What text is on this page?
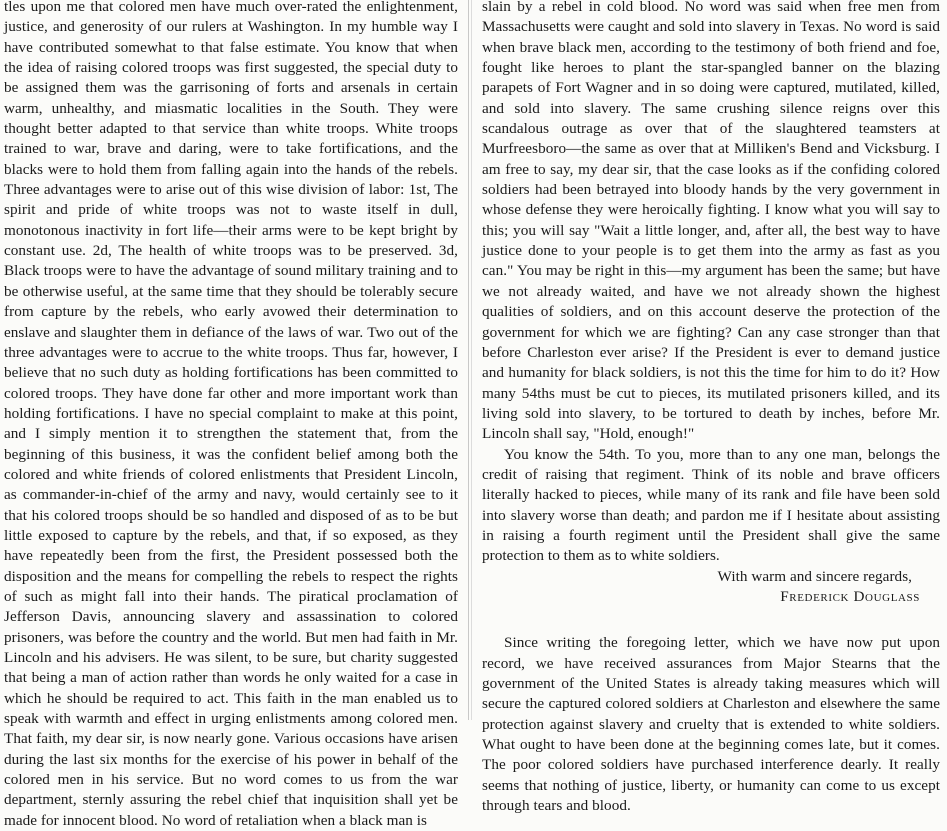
tles upon me that colored men have much over-rated the enlightenment, justice, and generosity of our rulers at Washington. In my humble way I have contributed somewhat to that false estimate. You know that when the idea of raising colored troops was first suggested, the special duty to be assigned them was the garrisoning of forts and arsenals in certain warm, unhealthy, and miasmatic localities in the South. They were thought better adapted to that service than white troops. White troops trained to war, brave and daring, were to take fortifications, and the blacks were to hold them from falling again into the hands of the rebels. Three advantages were to arise out of this wise division of labor: 1st, The spirit and pride of white troops was not to waste itself in dull, monotonous inactivity in fort life—their arms were to be kept bright by constant use. 2d, The health of white troops was to be preserved. 3d, Black troops were to have the advantage of sound military training and to be otherwise useful, at the same time that they should be tolerably secure from capture by the rebels, who early avowed their determination to enslave and slaughter them in defiance of the laws of war. Two out of the three advantages were to accrue to the white troops. Thus far, however, I believe that no such duty as holding fortifications has been committed to colored troops. They have done far other and more important work than holding fortifications. I have no special complaint to make at this point, and I simply mention it to strengthen the statement that, from the beginning of this business, it was the confident belief among both the colored and white friends of colored enlistments that President Lincoln, as commander-in-chief of the army and navy, would certainly see to it that his colored troops should be so handled and disposed of as to be but little exposed to capture by the rebels, and that, if so exposed, as they have repeatedly been from the first, the President possessed both the disposition and the means for compelling the rebels to respect the rights of such as might fall into their hands. The piratical proclamation of Jefferson Davis, announcing slavery and assassination to colored prisoners, was before the country and the world. But men had faith in Mr. Lincoln and his advisers. He was silent, to be sure, but charity suggested that being a man of action rather than words he only waited for a case in which he should be required to act. This faith in the man enabled us to speak with warmth and effect in urging enlistments among colored men. That faith, my dear sir, is now nearly gone. Various occasions have arisen during the last six months for the exercise of his power in behalf of the colored men in his service. But no word comes to us from the war department, sternly assuring the rebel chief that inquisition shall yet be made for innocent blood. No word of retaliation when a black man is

slain by a rebel in cold blood. No word was said when free men from Massachusetts were caught and sold into slavery in Texas. No word is said when brave black men, according to the testimony of both friend and foe, fought like heroes to plant the star-spangled banner on the blazing parapets of Fort Wagner and in so doing were captured, mutilated, killed, and sold into slavery. The same crushing silence reigns over this scandalous outrage as over that of the slaughtered teamsters at Murfreesboro—the same as over that at Milliken's Bend and Vicksburg. I am free to say, my dear sir, that the case looks as if the confiding colored soldiers had been betrayed into bloody hands by the very government in whose defense they were heroically fighting. I know what you will say to this; you will say "Wait a little longer, and, after all, the best way to have justice done to your people is to get them into the army as fast as you can." You may be right in this—my argument has been the same; but have we not already waited, and have we not already shown the highest qualities of soldiers, and on this account deserve the protection of the government for which we are fighting? Can any case stronger than that before Charleston ever arise? If the President is ever to demand justice and humanity for black soldiers, is not this the time for him to do it? How many 54ths must be cut to pieces, its mutilated prisoners killed, and its living sold into slavery, to be tortured to death by inches, before Mr. Lincoln shall say, "Hold, enough!"

You know the 54th. To you, more than to any one man, belongs the credit of raising that regiment. Think of its noble and brave officers literally hacked to pieces, while many of its rank and file have been sold into slavery worse than death; and pardon me if I hesitate about assisting in raising a fourth regiment until the President shall give the same protection to them as to white soldiers.

With warm and sincere regards,
Frederick Douglass

Since writing the foregoing letter, which we have now put upon record, we have received assurances from Major Stearns that the government of the United States is already taking measures which will secure the captured colored soldiers at Charleston and elsewhere the same protection against slavery and cruelty that is extended to white soldiers. What ought to have been done at the beginning comes late, but it comes. The poor colored soldiers have purchased interference dearly. It really seems that nothing of justice, liberty, or humanity can come to us except through tears and blood.
